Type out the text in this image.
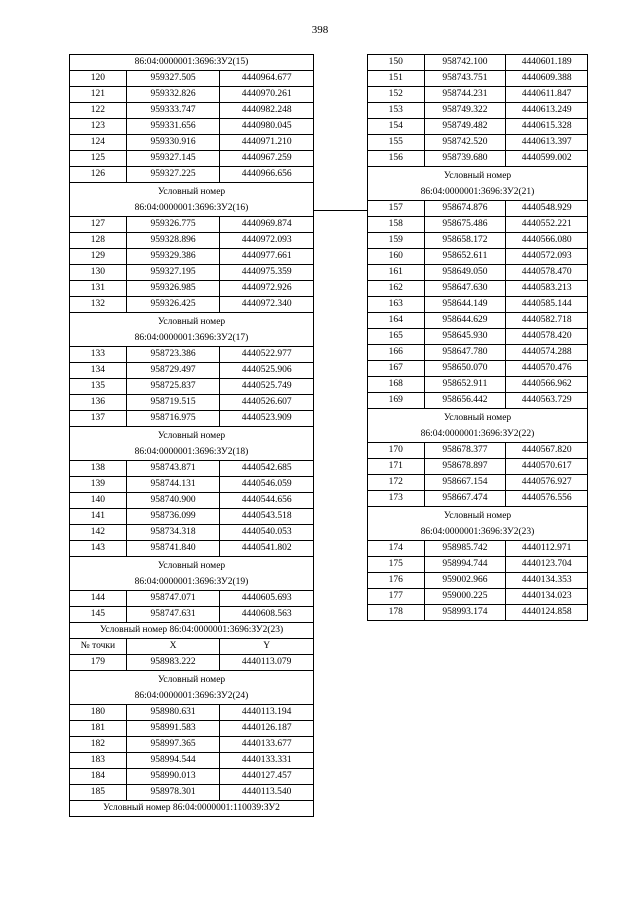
398
86:04:0000001:3696:ЗУ2(15)		
120	959327.505	4440964.677
121	959332.826	4440970.261
122	959333.747	4440982.248
123	959331.656	4440980.045
124	959330.916	4440971.210
125	959327.145	4440967.259
126	959327.225	4440966.656

Условный номер
86:04:0000001:3696:ЗУ2(16)		

127	959326.775	4440969.874
128	959328.896	4440972.093
129	959329.386	4440977.661
130	959327.195	4440975.359
131	959326.985	4440972.926
132	959326.425	4440972.340

Условный номер
86:04:0000001:3696:ЗУ2(17)		

133	958723.386	4440522.977
134	958729.497	4440525.906
135	958725.837	4440525.749
136	958719.515	4440526.607
137	958716.975	4440523.909

Условный номер
86:04:0000001:3696:ЗУ2(18)		

138	958743.871	4440542.685
139	958744.131	4440546.059
140	958740.900	4440544.656
141	958736.099	4440543.518
142	958734.318	4440540.053
143	958741.840	4440541.802

Условный номер
86:04:0000001:3696:ЗУ2(19)		

144	958747.071	4440605.693
145	958747.631	4440608.563
Условный номер 86:04:0000001:3696:ЗУ2(23)		
№ точки	X	Y
179	958983.222	4440113.079

Условный номер
86:04:0000001:3696:ЗУ2(24)		

180	958980.631	4440113.194
181	958991.583	4440126.187
182	958997.365	4440133.677
183	958994.544	4440133.331
184	958990.013	4440127.457
185	958978.301	4440113.540
Условный номер 86:04:0000001:110039:ЗУ2		
150	958742.100	4440601.189
151	958743.751	4440609.388
152	958744.231	4440611.847
153	958749.322	4440613.249
154	958749.482	4440615.328
155	958742.520	4440613.397
156	958739.680	4440599.002

Условный номер
86:04:0000001:3696:ЗУ2(21)		

157	958674.876	4440548.929
158	958675.486	4440552.221
159	958658.172	4440566.080
160	958652.611	4440572.093
161	958649.050	4440578.470
162	958647.630	4440583.213
163	958644.149	4440585.144
164	958644.629	4440582.718
165	958645.930	4440578.420
166	958647.780	4440574.288
167	958650.070	4440570.476
168	958652.911	4440566.962
169	958656.442	4440563.729

Условный номер
86:04:0000001:3696:ЗУ2(22)		

170	958678.377	4440567.820
171	958678.897	4440570.617
172	958667.154	4440576.927
173	958667.474	4440576.556

Условный номер
86:04:0000001:3696:ЗУ2(23)		

174	958985.742	4440112.971
175	958994.744	4440123.704
176	959002.966	4440134.353
177	959000.225	4440134.023
178	958993.174	4440124.858
